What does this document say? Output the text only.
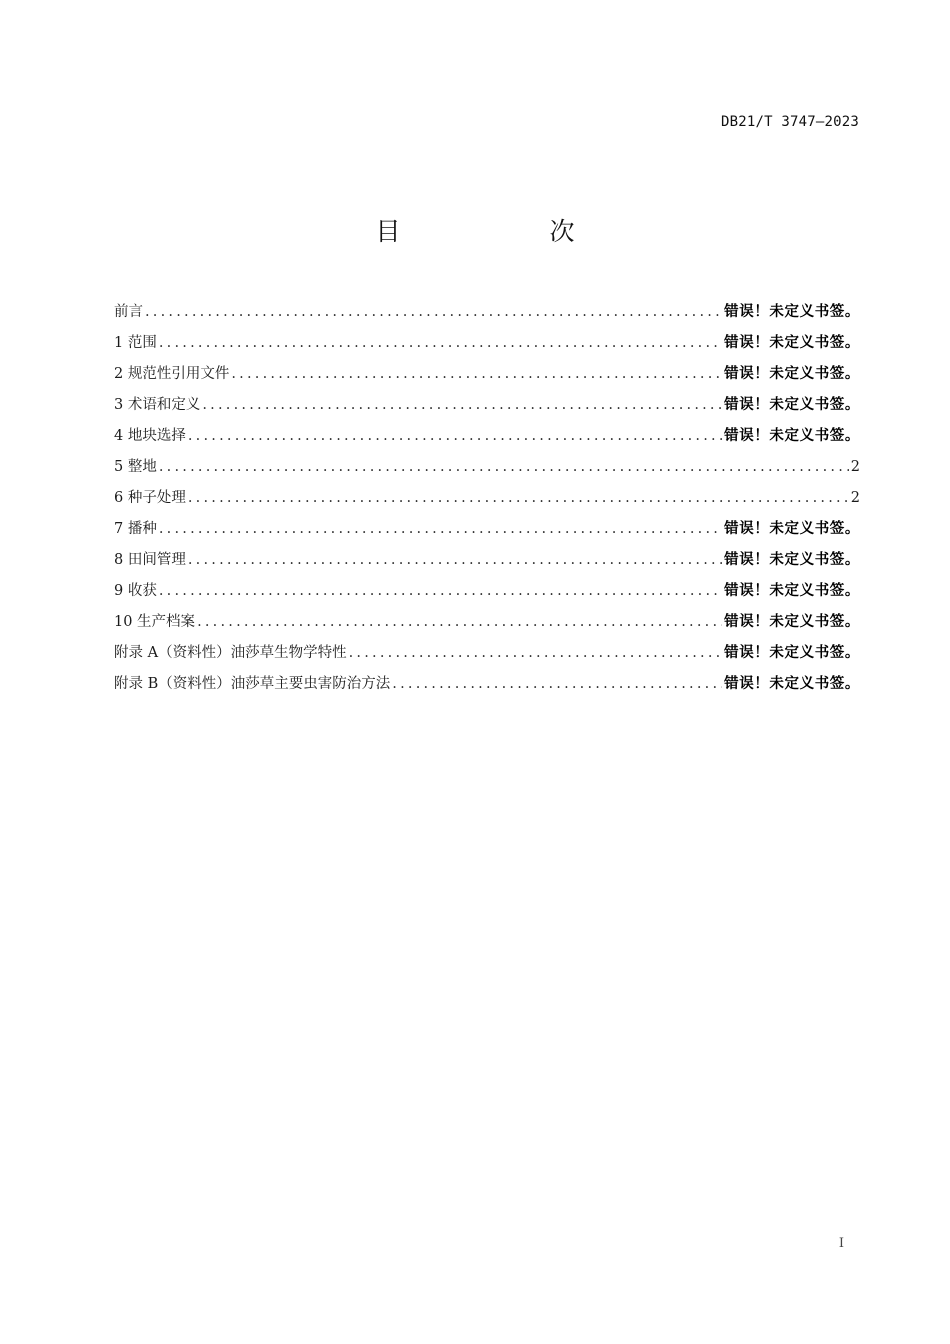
DB21/T 3747—2023
目　次
前言 .....	错误！未定义书签。
1 范围 .....	错误！未定义书签。
2 规范性引用文件 .....	错误！未定义书签。
3 术语和定义 .....	错误！未定义书签。
4 地块选择 .....	错误！未定义书签。
5 整地 .....	2
6 种子处理 .....	2
7 播种 .....	错误！未定义书签。
8 田间管理 .....	错误！未定义书签。
9 收获 .....	错误！未定义书签。
10 生产档案 .....	错误！未定义书签。
附录 A（资料性）油莎草生物学特性 .....	错误！未定义书签。
附录 B（资料性）油莎草主要虫害防治方法 .....	错误！未定义书签。
I
